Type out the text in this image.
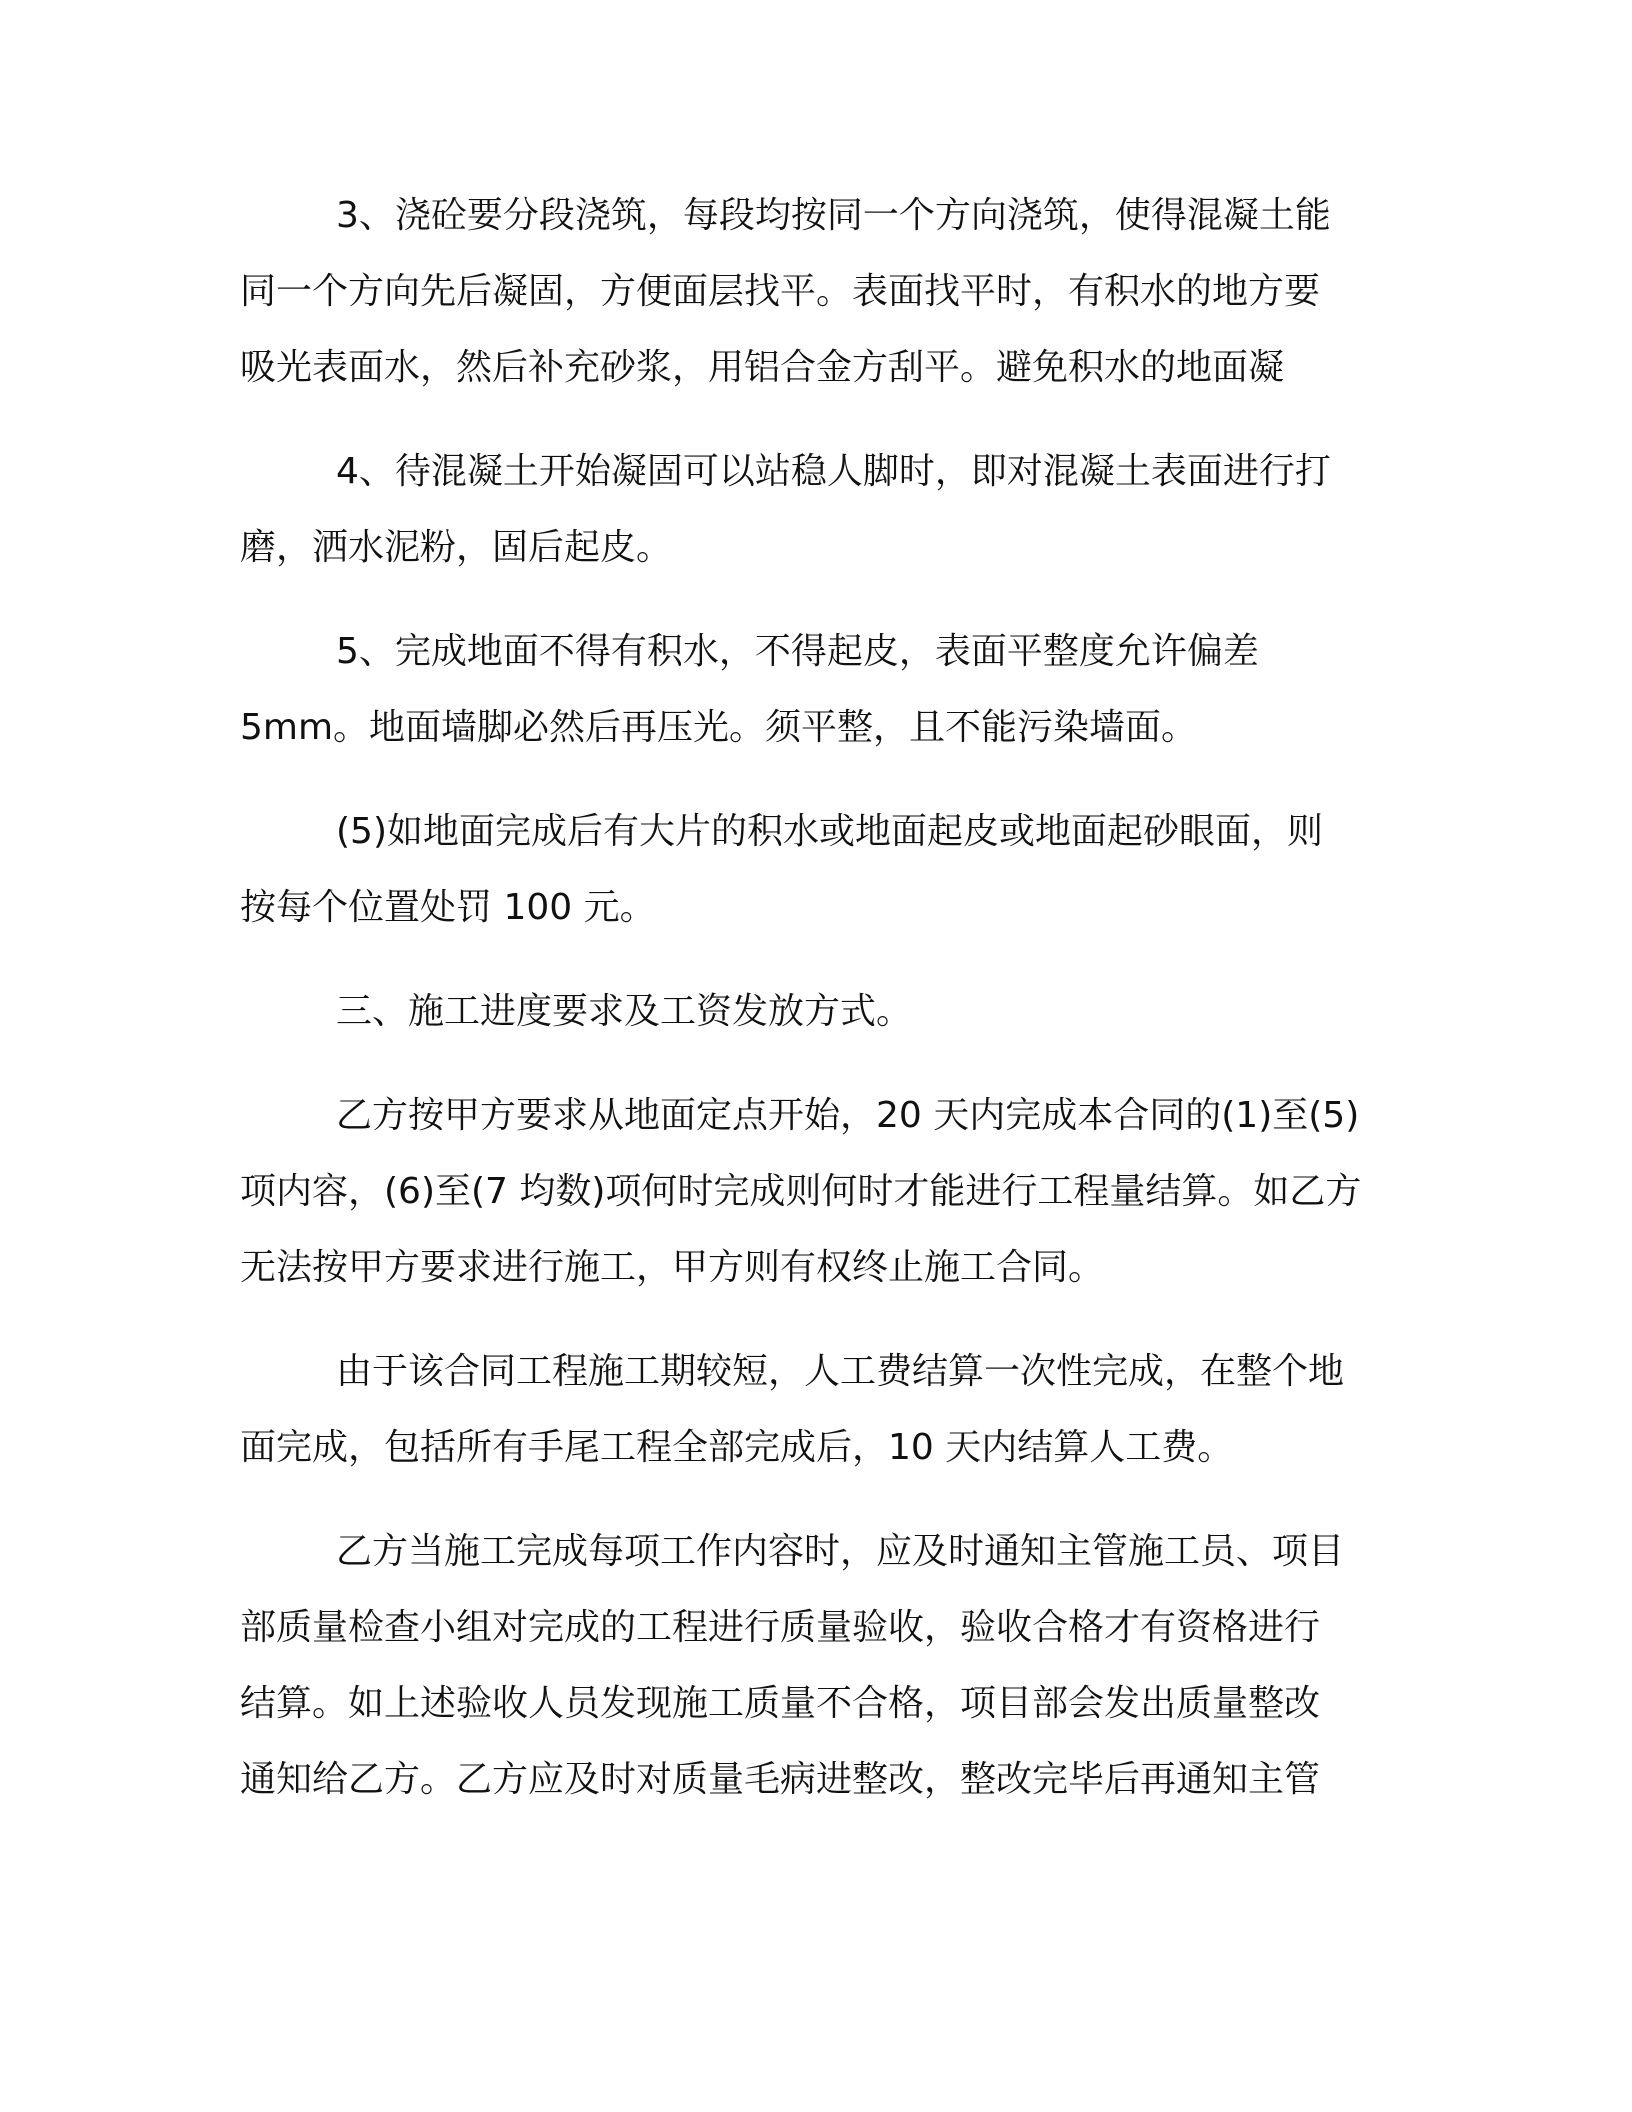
3、浇砼要分段浇筑，每段均按同一个方向浇筑，使得混凝土能
同一个方向先后凝固，方便面层找平。表面找平时，有积水的地方要
吸光表面水，然后补充砂浆，用铝合金方刮平。避免积水的地面凝
4、待混凝土开始凝固可以站稳人脚时，即对混凝土表面进行打
磨，洒水泥粉，固后起皮。
5、完成地面不得有积水，不得起皮，表面平整度允许偏差
5mm。地面墙脚必然后再压光。须平整，且不能污染墙面。
(5)如地面完成后有大片的积水或地面起皮或地面起砂眼面，则
按每个位置处罚 100 元。
三、施工进度要求及工资发放方式。
乙方按甲方要求从地面定点开始，20 天内完成本合同的(1)至(5)
项内容，(6)至(7 均数)项何时完成则何时才能进行工程量结算。如乙方
无法按甲方要求进行施工，甲方则有权终止施工合同。
由于该合同工程施工期较短，人工费结算一次性完成，在整个地
面完成，包括所有手尾工程全部完成后，10 天内结算人工费。
乙方当施工完成每项工作内容时，应及时通知主管施工员、项目
部质量检查小组对完成的工程进行质量验收，验收合格才有资格进行
结算。如上述验收人员发现施工质量不合格，项目部会发出质量整改
通知给乙方。乙方应及时对质量毛病进整改，整改完毕后再通知主管
